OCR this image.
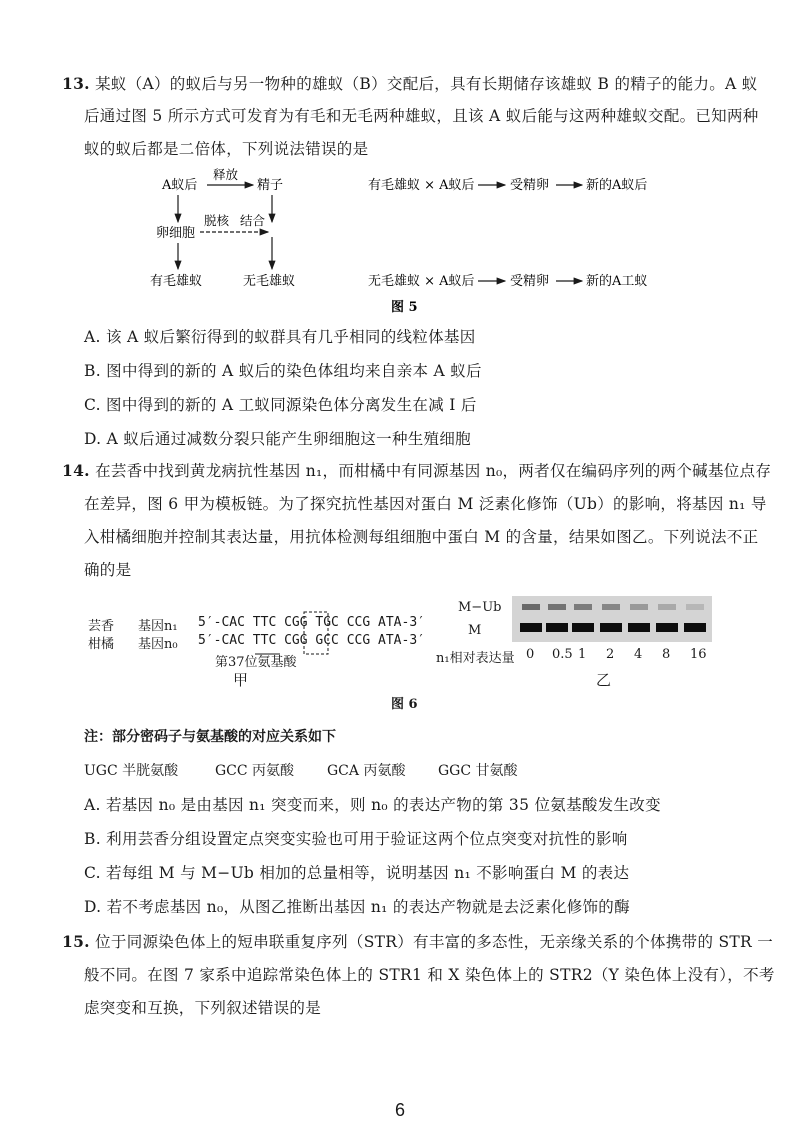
13. 某蚁（A）的蚁后与另一物种的雄蚁（B）交配后，具有长期储存该雄蚁 B 的精子的能力。A 蚁
后通过图 5 所示方式可发育为有毛和无毛两种雄蚁，且该 A 蚁后能与这两种雄蚁交配。已知两种
蚁的蚁后都是二倍体，下列说法错误的是
A蚁后
释放
精子
卵细胞
脱核 结合
有毛雄蚁	无毛雄蚁
有毛雄蚁 × A蚁后	受精卵	新的A蚁后
无毛雄蚁 × A蚁后	受精卵	新的A工蚁
图 5
A. 该 A 蚁后繁衍得到的蚁群具有几乎相同的线粒体基因
B. 图中得到的新的 A 蚁后的染色体组均来自亲本 A 蚁后
C. 图中得到的新的 A 工蚁同源染色体分离发生在减 Ⅰ 后
D. A 蚁后通过减数分裂只能产生卵细胞这一种生殖细胞
14. 在芸香中找到黄龙病抗性基因 n₁，而柑橘中有同源基因 n₀，两者仅在编码序列的两个碱基位点存
在差异，图 6 甲为模板链。为了探究抗性基因对蛋白 M 泛素化修饰（Ub）的影响，将基因 n₁ 导
入柑橘细胞并控制其表达量，用抗体检测每组细胞中蛋白 M 的含量，结果如图乙。下列说法不正
确的是
芸香 基因n₁ 5′-CAC TTC CGG TGC CCG ATA-3′
柑橘 基因n₀ 5′-CAC TTC CGG GCC CCG ATA-3′
第37位氨基酸
甲
M−Ub
M
n₁相对表达量 0 0.5 1 2 4 8 16
乙
图 6
注：部分密码子与氨基酸的对应关系如下
UGC 半胱氨酸	GCC 丙氨酸 GCA 丙氨酸 GGC 甘氨酸
A. 若基因 n₀ 是由基因 n₁ 突变而来，则 n₀ 的表达产物的第 35 位氨基酸发生改变
B. 利用芸香分组设置定点突变实验也可用于验证这两个位点突变对抗性的影响
C. 若每组 M 与 M−Ub 相加的总量相等，说明基因 n₁ 不影响蛋白 M 的表达
D. 若不考虑基因 n₀，从图乙推断出基因 n₁ 的表达产物就是去泛素化修饰的酶
15. 位于同源染色体上的短串联重复序列（STR）有丰富的多态性，无亲缘关系的个体携带的 STR 一
般不同。在图 7 家系中追踪常染色体上的 STR1 和 X 染色体上的 STR2（Y 染色体上没有），不考
虑突变和互换，下列叙述错误的是
6
